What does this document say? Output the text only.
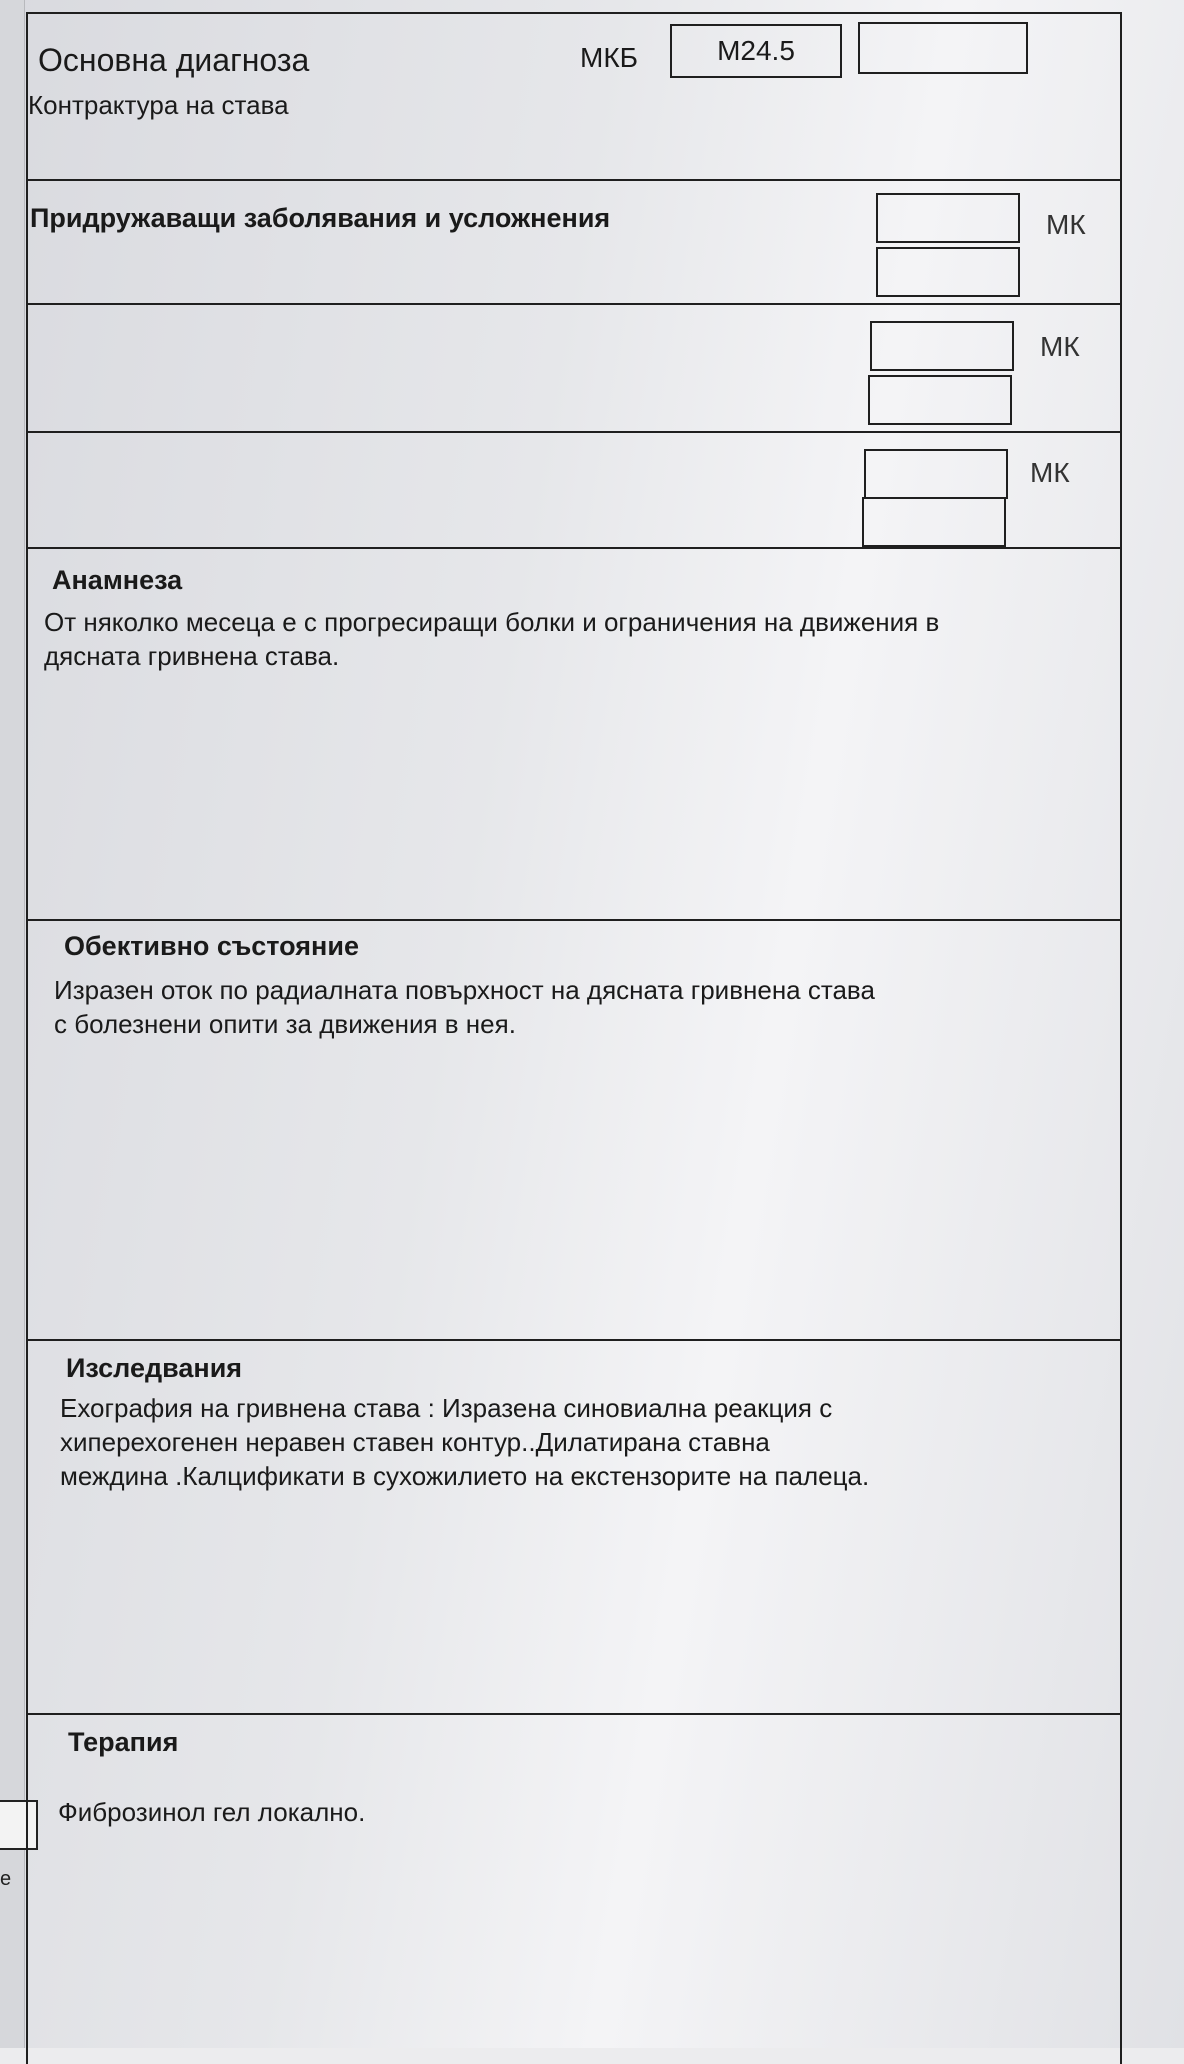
е
Основна диагноза
Контрактура на става
МКБ	M24.5
Придружаващи заболявания и усложнения	МК
МК
МК
Анамнеза
От няколко месеца е с прогресиращи болки и ограничения на движения в
дясната гривнена става.
Обективно състояние
Изразен оток по радиалната повърхност на дясната гривнена става
с болезнени опити за движения в нея.
Изследвания
Ехография на гривнена става : Изразена синовиална реакция с
хиперехогенен неравен ставен контур..Дилатирана ставна
междина .Калцификати в сухожилието на екстензорите на палеца.
Терапия
Фиброзинол гел локално.
